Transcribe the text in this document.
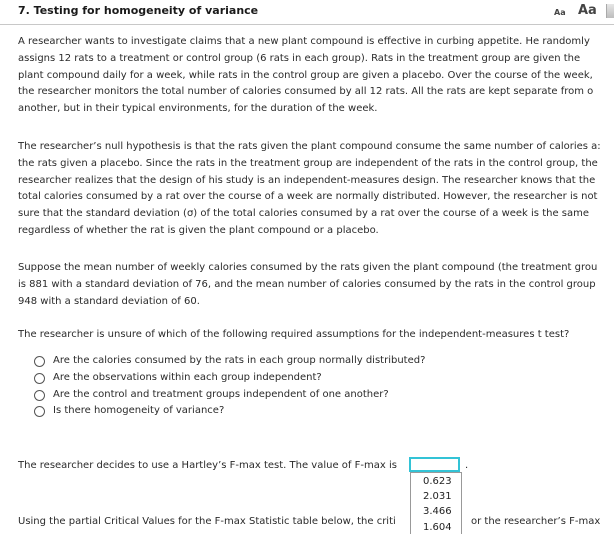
7. Testing for homogeneity of variance	Aa Aa
A researcher wants to investigate claims that a new plant compound is effective in curbing appetite. He randomly
assigns 12 rats to a treatment or control group (6 rats in each group). Rats in the treatment group are given the
plant compound daily for a week, while rats in the control group are given a placebo. Over the course of the week,
the researcher monitors the total number of calories consumed by all 12 rats. All the rats are kept separate from o
another, but in their typical environments, for the duration of the week.
The researcher’s null hypothesis is that the rats given the plant compound consume the same number of calories a:
the rats given a placebo. Since the rats in the treatment group are independent of the rats in the control group, the
researcher realizes that the design of his study is an independent-measures design. The researcher knows that the
total calories consumed by a rat over the course of a week are normally distributed. However, the researcher is not
sure that the standard deviation (σ) of the total calories consumed by a rat over the course of a week is the same
regardless of whether the rat is given the plant compound or a placebo.
Suppose the mean number of weekly calories consumed by the rats given the plant compound (the treatment grou
is 881 with a standard deviation of 76, and the mean number of calories consumed by the rats in the control group
948 with a standard deviation of 60.
The researcher is unsure of which of the following required assumptions for the independent-measures t test?
Are the calories consumed by the rats in each group normally distributed?
Are the observations within each group independent?
Are the control and treatment groups independent of one another?
Is there homogeneity of variance?
The researcher decides to use a Hartley’s F-max test. The value of F-max is	.
0.623
2.031
3.466
1.604
Using the partial Critical Values for the F-max Statistic table below, the criti	or the researcher’s F-max
